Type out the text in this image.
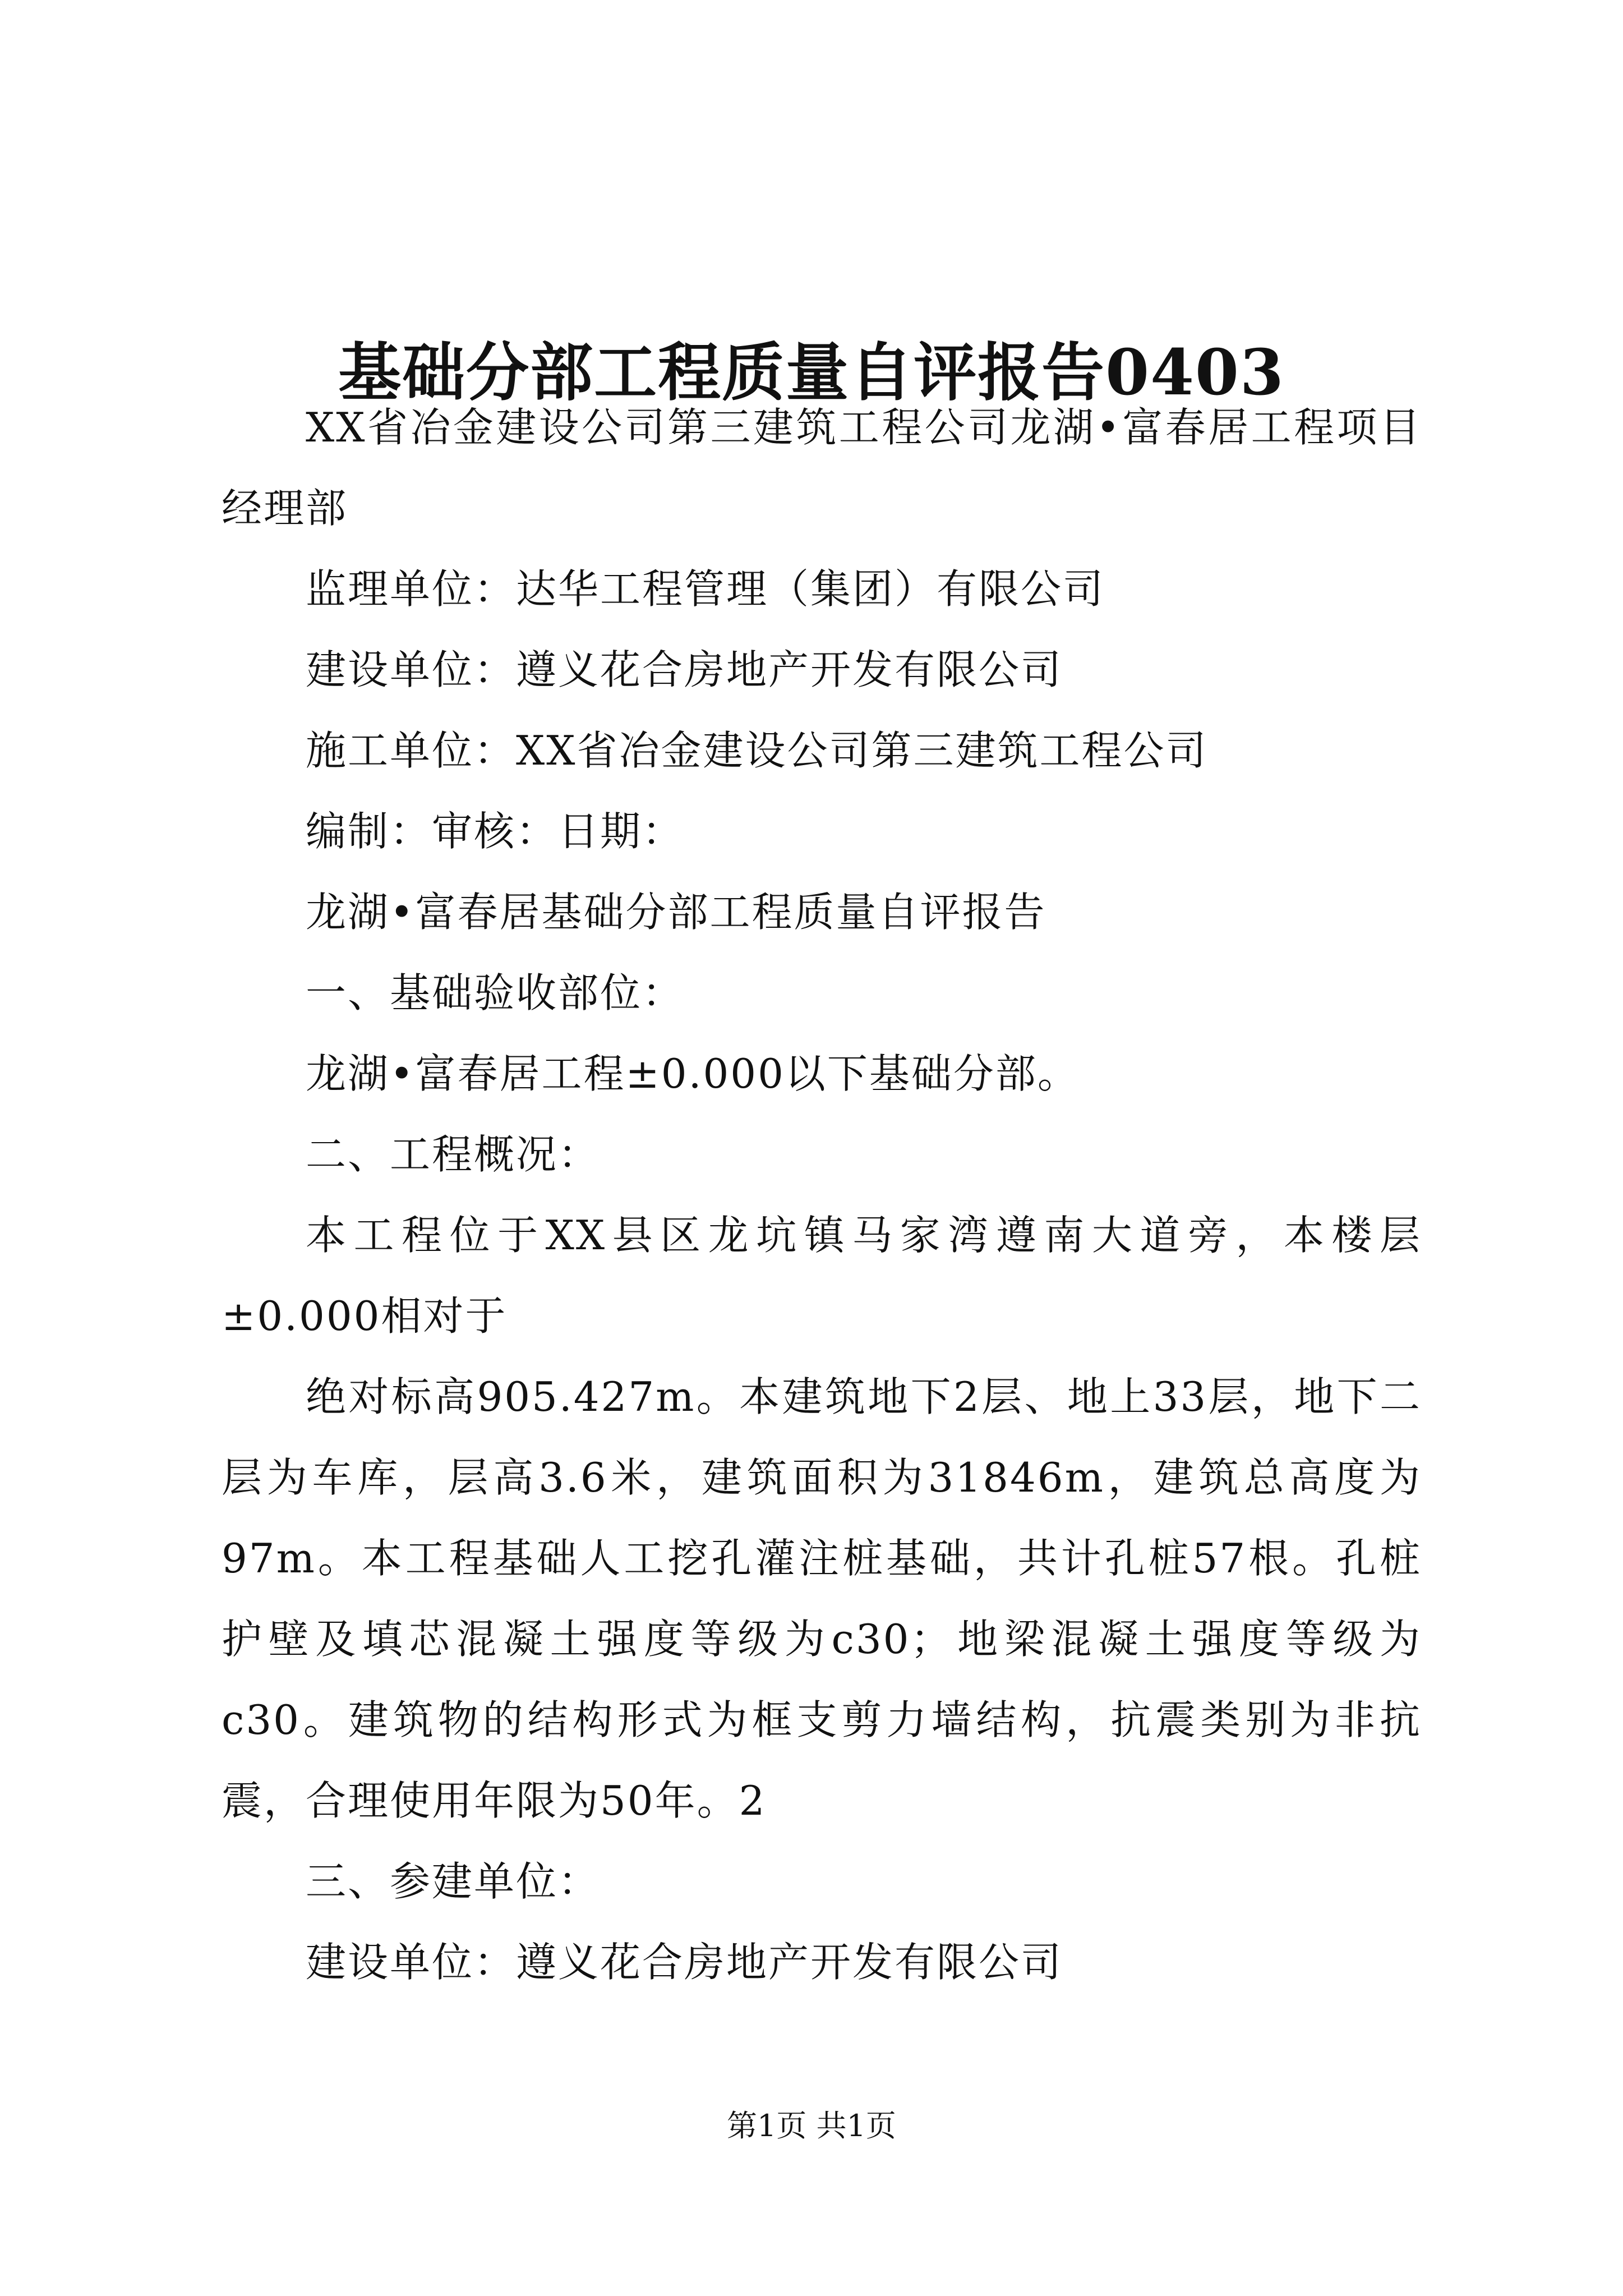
基础分部工程质量自评报告0403

XX省冶金建设公司第三建筑工程公司龙湖•富春居工程项目经理部

监理单位：达华工程管理（集团）有限公司

建设单位：遵义花合房地产开发有限公司

施工单位：XX省冶金建设公司第三建筑工程公司

编制：审核：日期：

龙湖•富春居基础分部工程质量自评报告

一、基础验收部位：

龙湖•富春居工程±0.000以下基础分部。

二、工程概况：

本工程位于XX县区龙坑镇马家湾遵南大道旁，本楼层±0.000相对于

绝对标高905.427m。本建筑地下2层、地上33层，地下二层为车库，层高3.6米，建筑面积为31846m，建筑总高度为97m。本工程基础人工挖孔灌注桩基础，共计孔桩57根。孔桩护壁及填芯混凝土强度等级为c30；地梁混凝土强度等级为c30。建筑物的结构形式为框支剪力墙结构，抗震类别为非抗震，合理使用年限为50年。2

三、参建单位：

建设单位：遵义花合房地产开发有限公司

第1页 共1页
